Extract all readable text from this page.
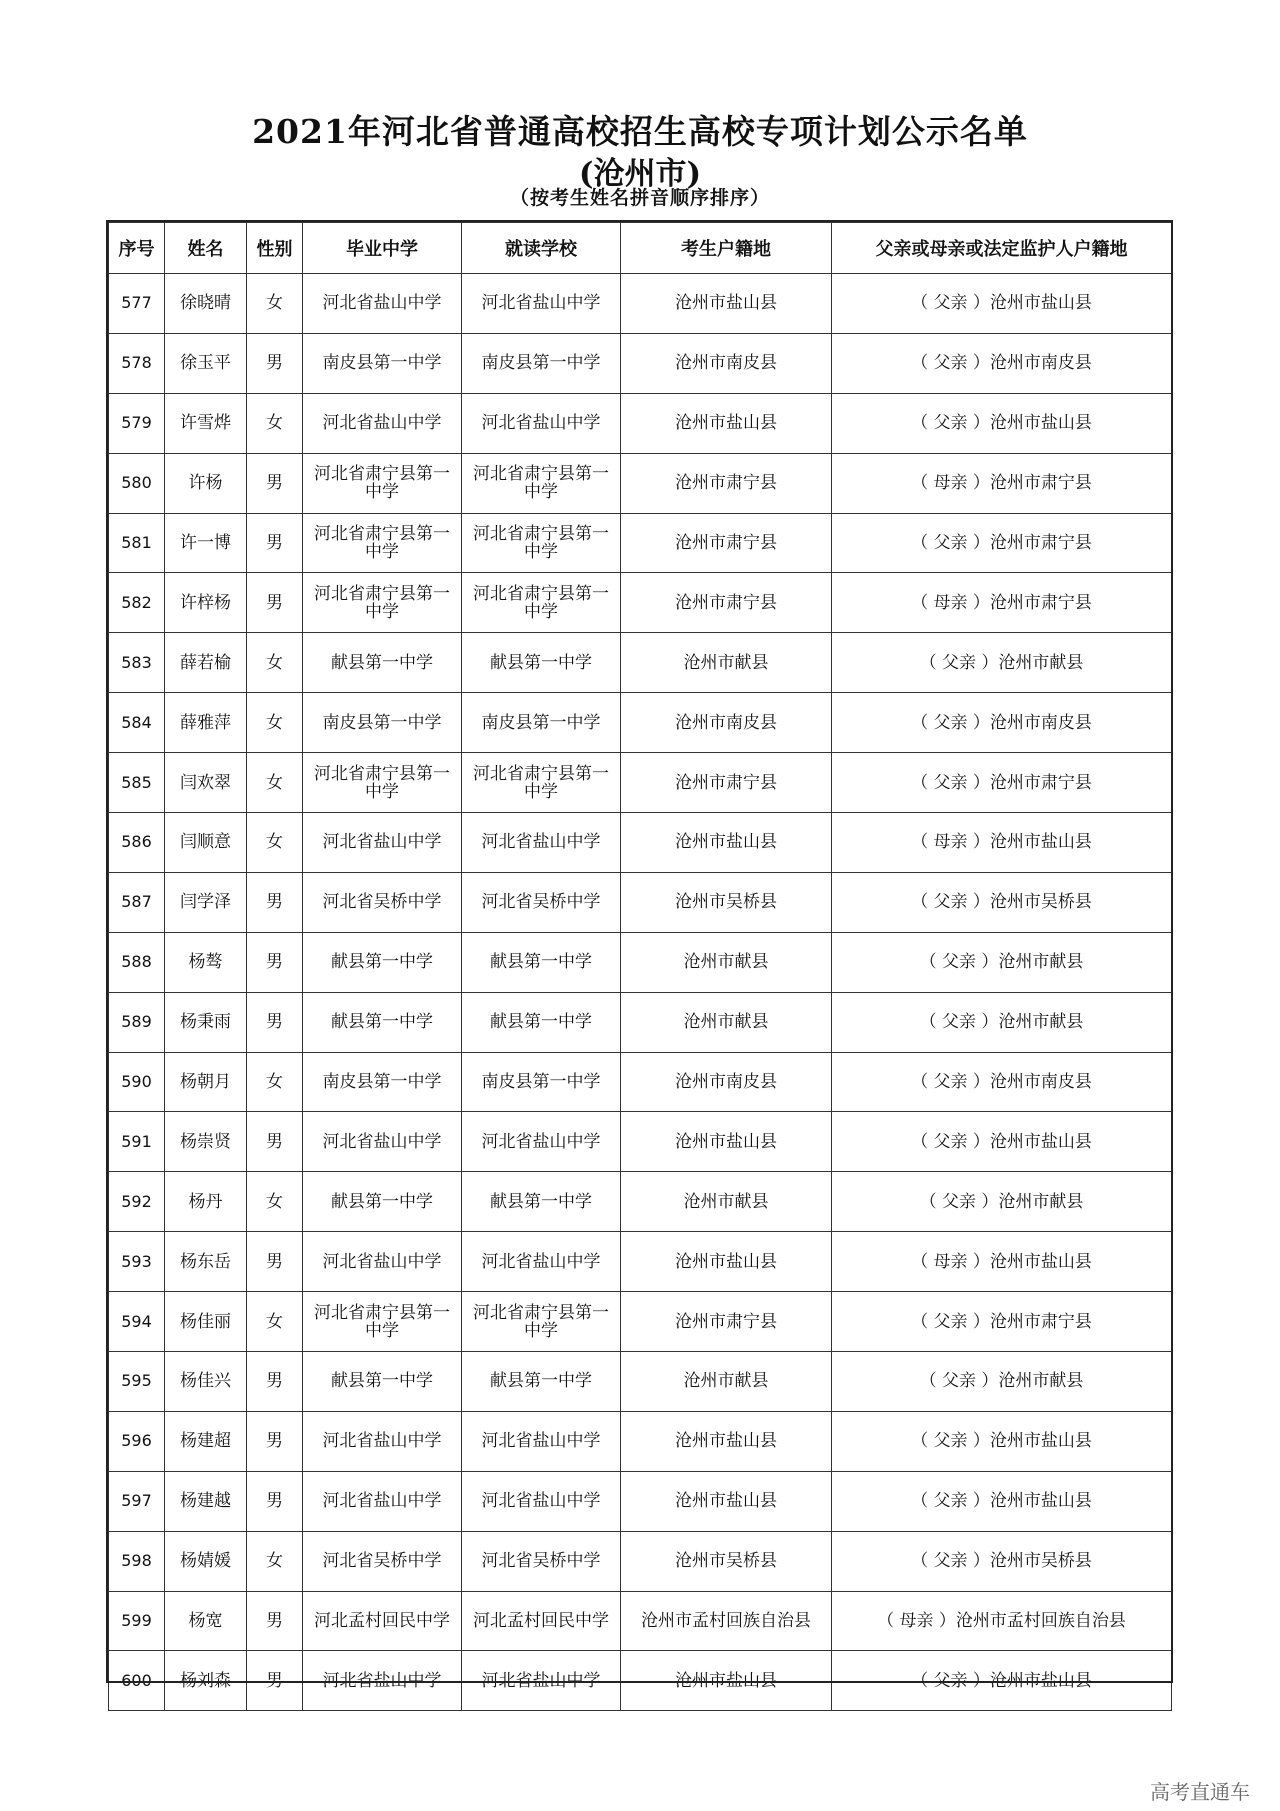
2021年河北省普通高校招生高校专项计划公示名单
(沧州市)
（按考生姓名拼音顺序排序）
序号	姓名	性别	毕业中学	就读学校	考生户籍地	父亲或母亲或法定监护人户籍地
577	徐晓晴	女	河北省盐山中学	河北省盐山中学	沧州市盐山县	（ 父亲 ）沧州市盐山县
578	徐玉平	男	南皮县第一中学	南皮县第一中学	沧州市南皮县	（ 父亲 ）沧州市南皮县
579	许雪烨	女	河北省盐山中学	河北省盐山中学	沧州市盐山县	（ 父亲 ）沧州市盐山县
580	许杨	男	河北省肃宁县第一中学	河北省肃宁县第一中学	沧州市肃宁县	（ 母亲 ）沧州市肃宁县
581	许一博	男	河北省肃宁县第一中学	河北省肃宁县第一中学	沧州市肃宁县	（ 父亲 ）沧州市肃宁县
582	许梓杨	男	河北省肃宁县第一中学	河北省肃宁县第一中学	沧州市肃宁县	（ 母亲 ）沧州市肃宁县
583	薛若榆	女	献县第一中学	献县第一中学	沧州市献县	（ 父亲 ）沧州市献县
584	薛雅萍	女	南皮县第一中学	南皮县第一中学	沧州市南皮县	（ 父亲 ）沧州市南皮县
585	闫欢翠	女	河北省肃宁县第一中学	河北省肃宁县第一中学	沧州市肃宁县	（ 父亲 ）沧州市肃宁县
586	闫顺意	女	河北省盐山中学	河北省盐山中学	沧州市盐山县	（ 母亲 ）沧州市盐山县
587	闫学泽	男	河北省吴桥中学	河北省吴桥中学	沧州市吴桥县	（ 父亲 ）沧州市吴桥县
588	杨骜	男	献县第一中学	献县第一中学	沧州市献县	（ 父亲 ）沧州市献县
589	杨秉雨	男	献县第一中学	献县第一中学	沧州市献县	（ 父亲 ）沧州市献县
590	杨朝月	女	南皮县第一中学	南皮县第一中学	沧州市南皮县	（ 父亲 ）沧州市南皮县
591	杨崇贤	男	河北省盐山中学	河北省盐山中学	沧州市盐山县	（ 父亲 ）沧州市盐山县
592	杨丹	女	献县第一中学	献县第一中学	沧州市献县	（ 父亲 ）沧州市献县
593	杨东岳	男	河北省盐山中学	河北省盐山中学	沧州市盐山县	（ 母亲 ）沧州市盐山县
594	杨佳丽	女	河北省肃宁县第一中学	河北省肃宁县第一中学	沧州市肃宁县	（ 父亲 ）沧州市肃宁县
595	杨佳兴	男	献县第一中学	献县第一中学	沧州市献县	（ 父亲 ）沧州市献县
596	杨建超	男	河北省盐山中学	河北省盐山中学	沧州市盐山县	（ 父亲 ）沧州市盐山县
597	杨建越	男	河北省盐山中学	河北省盐山中学	沧州市盐山县	（ 父亲 ）沧州市盐山县
598	杨婧媛	女	河北省吴桥中学	河北省吴桥中学	沧州市吴桥县	（ 父亲 ）沧州市吴桥县
599	杨宽	男	河北孟村回民中学	河北孟村回民中学	沧州市孟村回族自治县	（ 母亲 ）沧州市孟村回族自治县
600	杨刘森	男	河北省盐山中学	河北省盐山中学	沧州市盐山县	（ 父亲 ）沧州市盐山县
高考直通车
